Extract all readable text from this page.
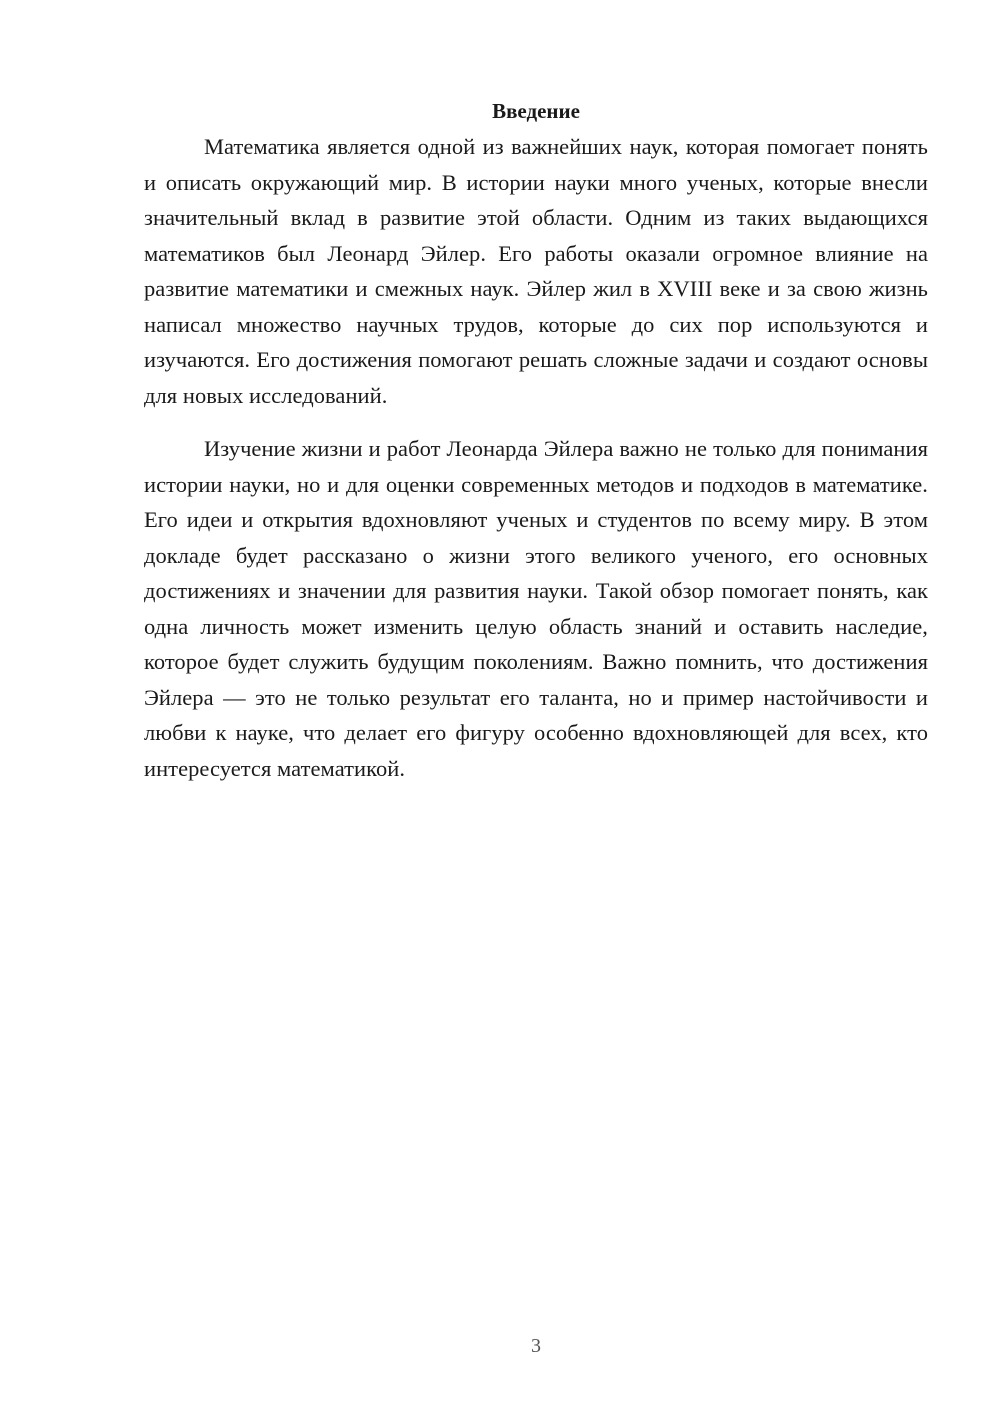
Введение

Математика является одной из важнейших наук, которая помогает понять и описать окружающий мир. В истории науки много ученых, которые внесли значительный вклад в развитие этой области. Одним из таких выдающихся математиков был Леонард Эйлер. Его работы оказали огромное влияние на развитие математики и смежных наук. Эйлер жил в XVIII веке и за свою жизнь написал множество научных трудов, которые до сих пор используются и изучаются. Его достижения помогают решать сложные задачи и создают основы для новых исследований.

Изучение жизни и работ Леонарда Эйлера важно не только для понимания истории науки, но и для оценки современных методов и подходов в математике. Его идеи и открытия вдохновляют ученых и студентов по всему миру. В этом докладе будет рассказано о жизни этого великого ученого, его основных достижениях и значении для развития науки. Такой обзор помогает понять, как одна личность может изменить целую область знаний и оставить наследие, которое будет служить будущим поколениям. Важно помнить, что достижения Эйлера — это не только результат его таланта, но и пример настойчивости и любви к науке, что делает его фигуру особенно вдохновляющей для всех, кто интересуется математикой.

3
